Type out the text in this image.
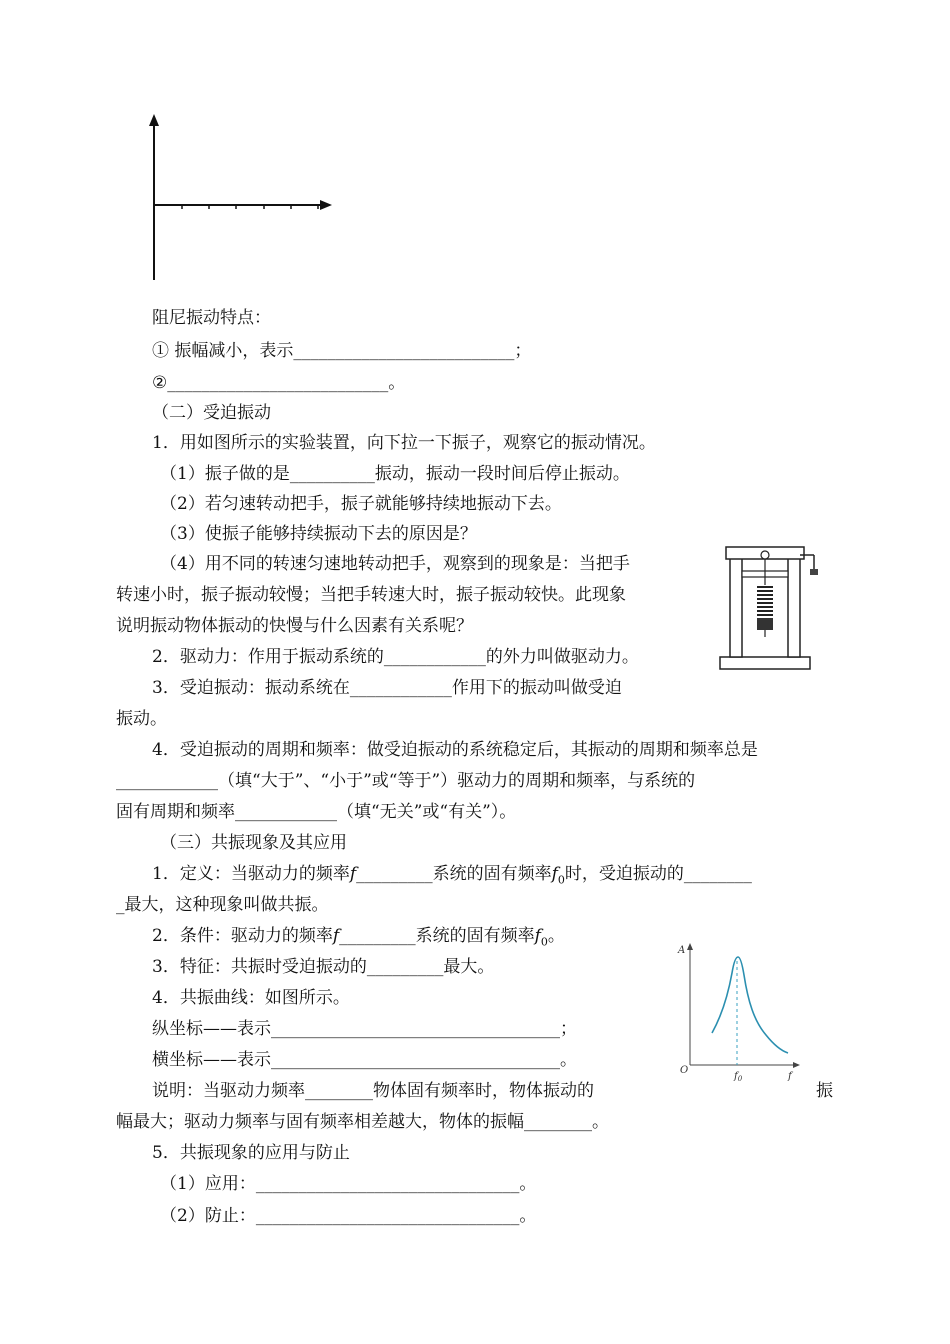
阻尼振动特点：
① 振幅减小，表示__________________________；
②__________________________。
（二）受迫振动
1．用如图所示的实验装置，向下拉一下振子，观察它的振动情况。
（1）振子做的是__________振动，振动一段时间后停止振动。
（2）若匀速转动把手，振子就能够持续地振动下去。
（3）使振子能够持续振动下去的原因是？
（4）用不同的转速匀速地转动把手，观察到的现象是：当把手
转速小时，振子振动较慢；当把手转速大时，振子振动较快。此现象
说明振动物体振动的快慢与什么因素有关系呢？
2．驱动力：作用于振动系统的____________的外力叫做驱动力。
3．受迫振动：振动系统在____________作用下的振动叫做受迫
振动。
4．受迫振动的周期和频率：做受迫振动的系统稳定后，其振动的周期和频率总是
____________（填“大于”、“小于”或“等于”）驱动力的周期和频率，与系统的
固有周期和频率____________（填“无关”或“有关”）。
（三）共振现象及其应用
1．定义：当驱动力的频率f_________系统的固有频率$f_0$时，受迫振动的________
_最大，这种现象叫做共振。
2．条件：驱动力的频率f_________系统的固有频率$f_0$。
3．特征：共振时受迫振动的_________最大。
4．共振曲线：如图所示。
纵坐标——表示__________________________________；
横坐标——表示__________________________________。
说明：当驱动力频率________物体固有频率时，物体振动的	振
幅最大；驱动力频率与固有频率相差越大，物体的振幅________。
5．共振现象的应用与防止
（1）应用：_______________________________。
（2）防止：_______________________________。
A
O
$f_0$	f
